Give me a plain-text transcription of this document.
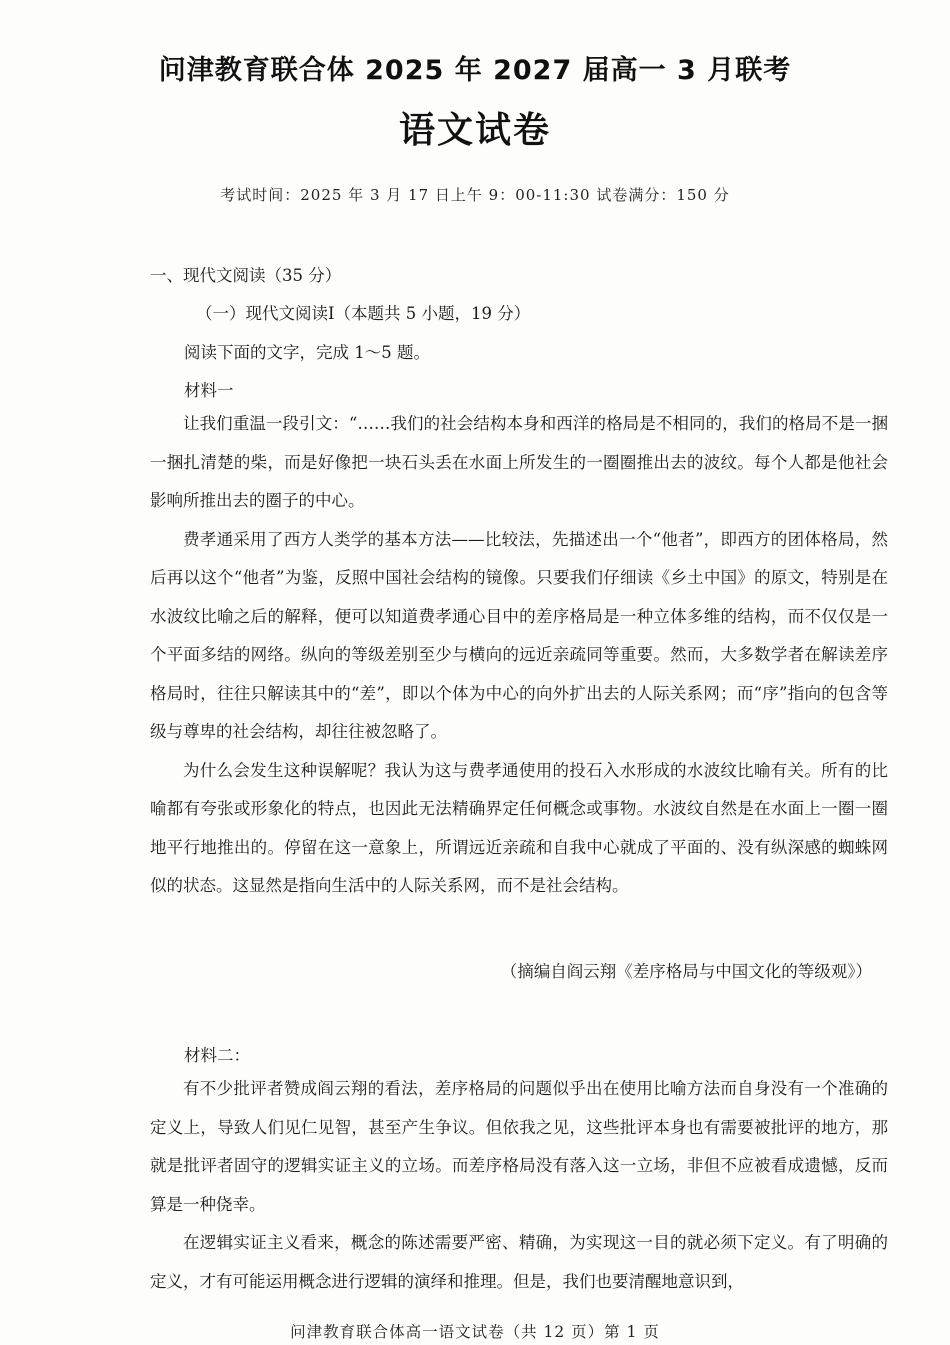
问津教育联合体 2025 年 2027 届高一 3 月联考
语文试卷
考试时间：2025 年 3 月 17 日上午 9：00-11:30 试卷满分：150 分
一、现代文阅读（35 分）
（一）现代文阅读Ⅰ（本题共 5 小题，19 分）
阅读下面的文字，完成 1～5 题。
材料一

让我们重温一段引文：“……我们的社会结构本身和西洋的格局是不相同的，我们的格局不是一捆一捆扎清楚的柴，而是好像把一块石头丢在水面上所发生的一圈圈推出去的波纹。每个人都是他社会影响所推出去的圈子的中心。

费孝通采用了西方人类学的基本方法——比较法，先描述出一个“他者”，即西方的团体格局，然后再以这个“他者”为鉴，反照中国社会结构的镜像。只要我们仔细读《乡土中国》的原文，特别是在水波纹比喻之后的解释，便可以知道费孝通心目中的差序格局是一种立体多维的结构，而不仅仅是一个平面多结的网络。纵向的等级差别至少与横向的远近亲疏同等重要。然而，大多数学者在解读差序格局时，往往只解读其中的“差”，即以个体为中心的向外扩出去的人际关系网；而“序”指向的包含等级与尊卑的社会结构，却往往被忽略了。

为什么会发生这种误解呢？我认为这与费孝通使用的投石入水形成的水波纹比喻有关。所有的比喻都有夸张或形象化的特点，也因此无法精确界定任何概念或事物。水波纹自然是在水面上一圈一圈地平行地推出的。停留在这一意象上，所谓远近亲疏和自我中心就成了平面的、没有纵深感的蜘蛛网似的状态。这显然是指向生活中的人际关系网，而不是社会结构。

（摘编自阎云翔《差序格局与中国文化的等级观》）
材料二：

有不少批评者赞成阎云翔的看法，差序格局的问题似乎出在使用比喻方法而自身没有一个准确的定义上，导致人们见仁见智，甚至产生争议。但依我之见，这些批评本身也有需要被批评的地方，那就是批评者固守的逻辑实证主义的立场。而差序格局没有落入这一立场，非但不应被看成遗憾，反而算是一种侥幸。

在逻辑实证主义看来，概念的陈述需要严密、精确，为实现这一目的就必须下定义。有了明确的定义，才有可能运用概念进行逻辑的演绎和推理。但是，我们也要清醒地意识到，

问津教育联合体高一语文试卷（共 12 页）第 1 页
